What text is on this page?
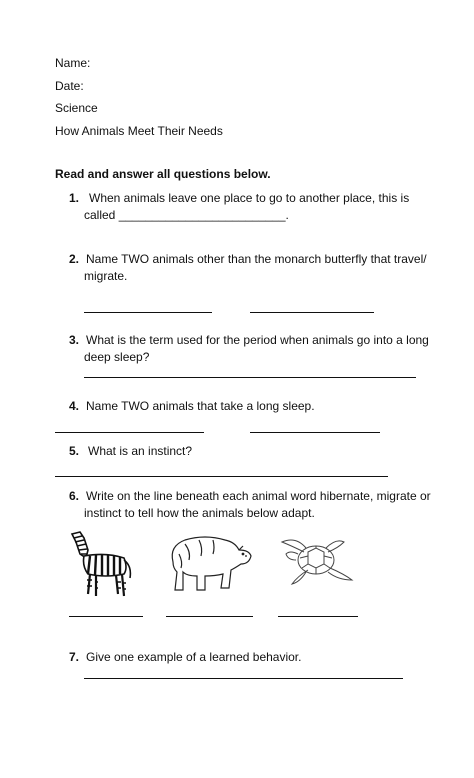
Name:
Date:
Science
How Animals Meet Their Needs
Read and answer all questions below.
1. When animals leave one place to go to another place, this is
called _________________________.
2. Name TWO animals other than the monarch butterfly that travel/
migrate.
3. What is the term used for the period when animals go into a long
deep sleep?
4. Name TWO animals that take a long sleep.
5. What is an instinct?
6. Write on the line beneath each animal word hibernate, migrate or
instinct to tell how the animals below adapt.
7. Give one example of a learned behavior.
